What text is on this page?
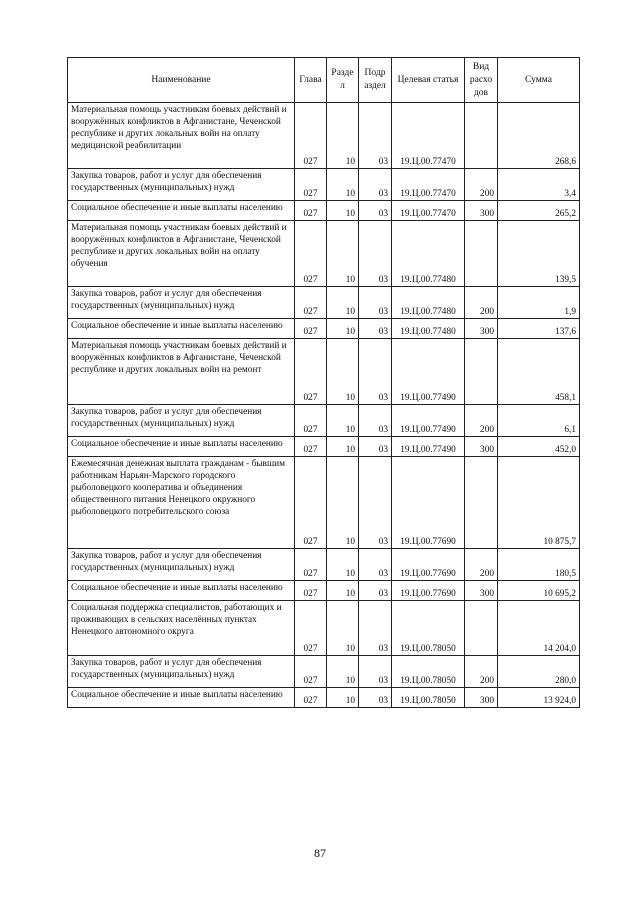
Наименование	Глава	Разде л	Подр аздел	Целевая статья	Вид расхо дов	Сумма
Материальная помощь участникам боевых действий и вооружённых конфликтов в Афганистане, Чеченской республике и других локальных войн на оплату медицинской реабилитации	027	10	03	19.Ц.00.77470		268,6
Закупка товаров, работ и услуг для обеспечения государственных (муниципальных) нужд	027	10	03	19.Ц.00.77470	200	3,4
Социальное обеспечение и иные выплаты населению	027	10	03	19.Ц.00.77470	300	265,2
Материальная помощь участникам боевых действий и вооружённых конфликтов в Афганистане, Чеченской республике и других локальных войн на оплату обучения	027	10	03	19.Ц.00.77480		139,5
Закупка товаров, работ и услуг для обеспечения государственных (муниципальных) нужд	027	10	03	19.Ц.00.77480	200	1,9
Социальное обеспечение и иные выплаты населению	027	10	03	19.Ц.00.77480	300	137,6
Материальная помощь участникам боевых действий и вооружённых конфликтов в Афганистане, Чеченской республике и других локальных войн на ремонт	027	10	03	19.Ц.00.77490		458,1
Закупка товаров, работ и услуг для обеспечения государственных (муниципальных) нужд	027	10	03	19.Ц.00.77490	200	6,1
Социальное обеспечение и иные выплаты населению	027	10	03	19.Ц.00.77490	300	452,0
Ежемесячная денежная выплата гражданам - бывшим работникам Нарьян-Марского городского рыболовецкого кооператива и объединения общественного питания Ненецкого окружного рыболовецкого потребительского союза	027	10	03	19.Ц.00.77690		10 875,7
Закупка товаров, работ и услуг для обеспечения государственных (муниципальных) нужд	027	10	03	19.Ц.00.77690	200	180,5
Социальное обеспечение и иные выплаты населению	027	10	03	19.Ц.00.77690	300	10 695,2
Социальная поддержка специалистов, работающих и проживающих в сельских населённых пунктах Ненецкого автономного округа	027	10	03	19.Ц.00.78050		14 204,0
Закупка товаров, работ и услуг для обеспечения государственных (муниципальных) нужд	027	10	03	19.Ц.00.78050	200	280,0
Социальное обеспечение и иные выплаты населению	027	10	03	19.Ц.00.78050	300	13 924,0
87
